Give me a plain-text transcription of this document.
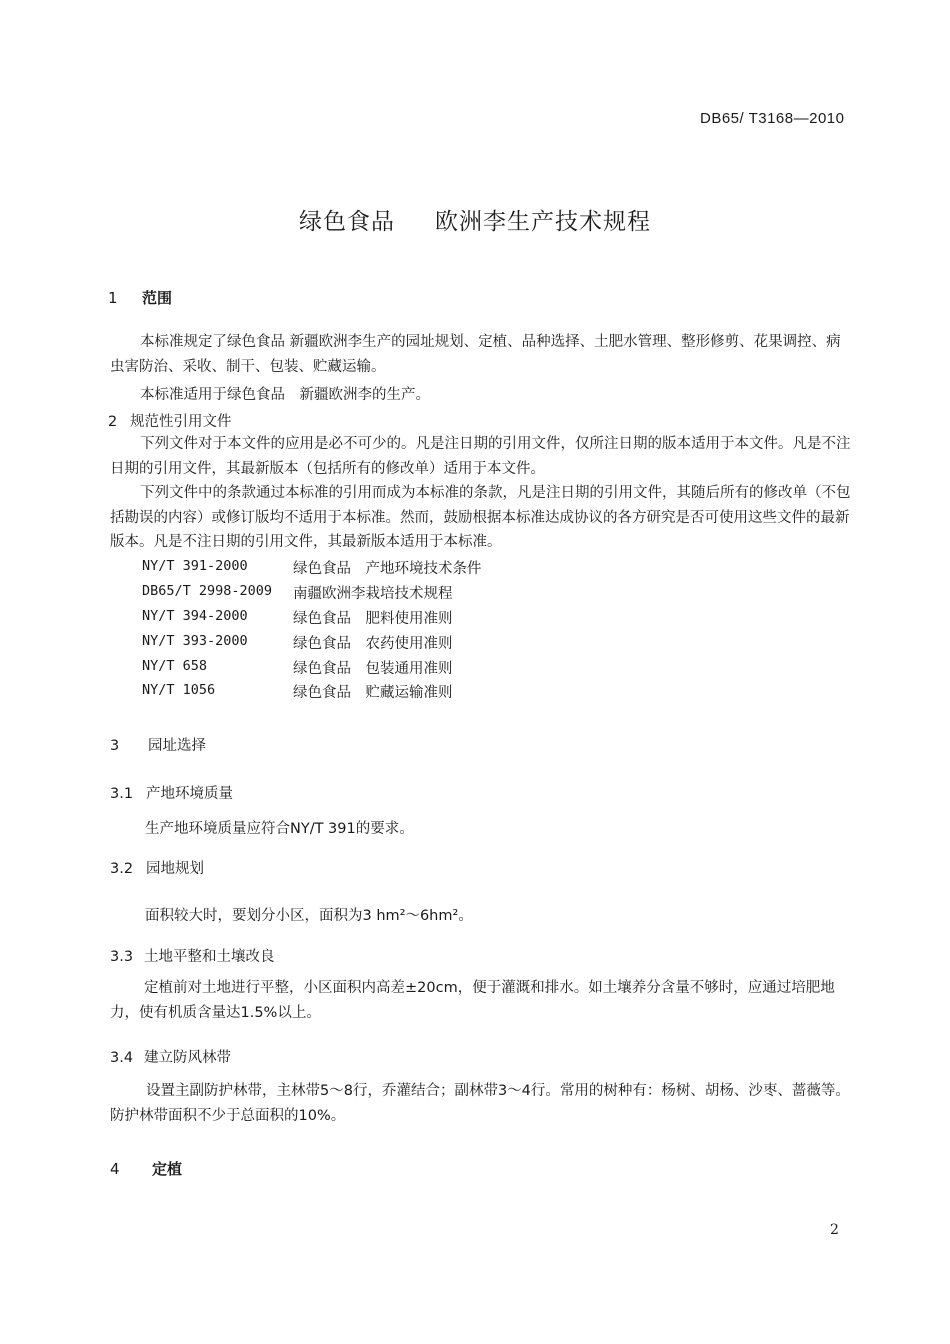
DB65/ T3168—2010
绿色食品 欧洲李生产技术规程
1 范围
本标准规定了绿色食品 新疆欧洲李生产的园址规划、定植、品种选择、土肥水管理、整形修剪、花果调控、病虫害防治、采收、制干、包装、贮藏运输。
本标准适用于绿色食品　新疆欧洲李的生产。
2 规范性引用文件
下列文件对于本文件的应用是必不可少的。凡是注日期的引用文件，仅所注日期的版本适用于本文件。凡是不注日期的引用文件，其最新版本（包括所有的修改单）适用于本文件。
下列文件中的条款通过本标准的引用而成为本标准的条款，凡是注日期的引用文件，其随后所有的修改单（不包括勘误的内容）或修订版均不适用于本标准。然而，鼓励根据本标准达成协议的各方研究是否可使用这些文件的最新版本。凡是不注日期的引用文件，其最新版本适用于本标准。
NY/T 391-2000	绿色食品　产地环境技术条件
DB65/T 2998-2009 南疆欧洲李栽培技术规程
NY/T 394-2000	绿色食品　肥料使用准则
NY/T 393-2000	绿色食品　农药使用准则
NY/T 658	绿色食品　包装通用准则
NY/T 1056	绿色食品　贮藏运输准则
3 园址选择
3.1 产地环境质量
生产地环境质量应符合NY/T 391的要求。
3.2 园地规划
面积较大时，要划分小区，面积为3 hm²～6hm²。
3.3 土地平整和土壤改良
定植前对土地进行平整，小区面积内高差±20cm，便于灌溉和排水。如土壤养分含量不够时，应通过培肥地力，使有机质含量达1.5%以上。
3.4 建立防风林带
设置主副防护林带，主林带5～8行，乔灌结合；副林带3～4行。常用的树种有：杨树、胡杨、沙枣、蔷薇等。防护林带面积不少于总面积的10%。
4 定植
2
